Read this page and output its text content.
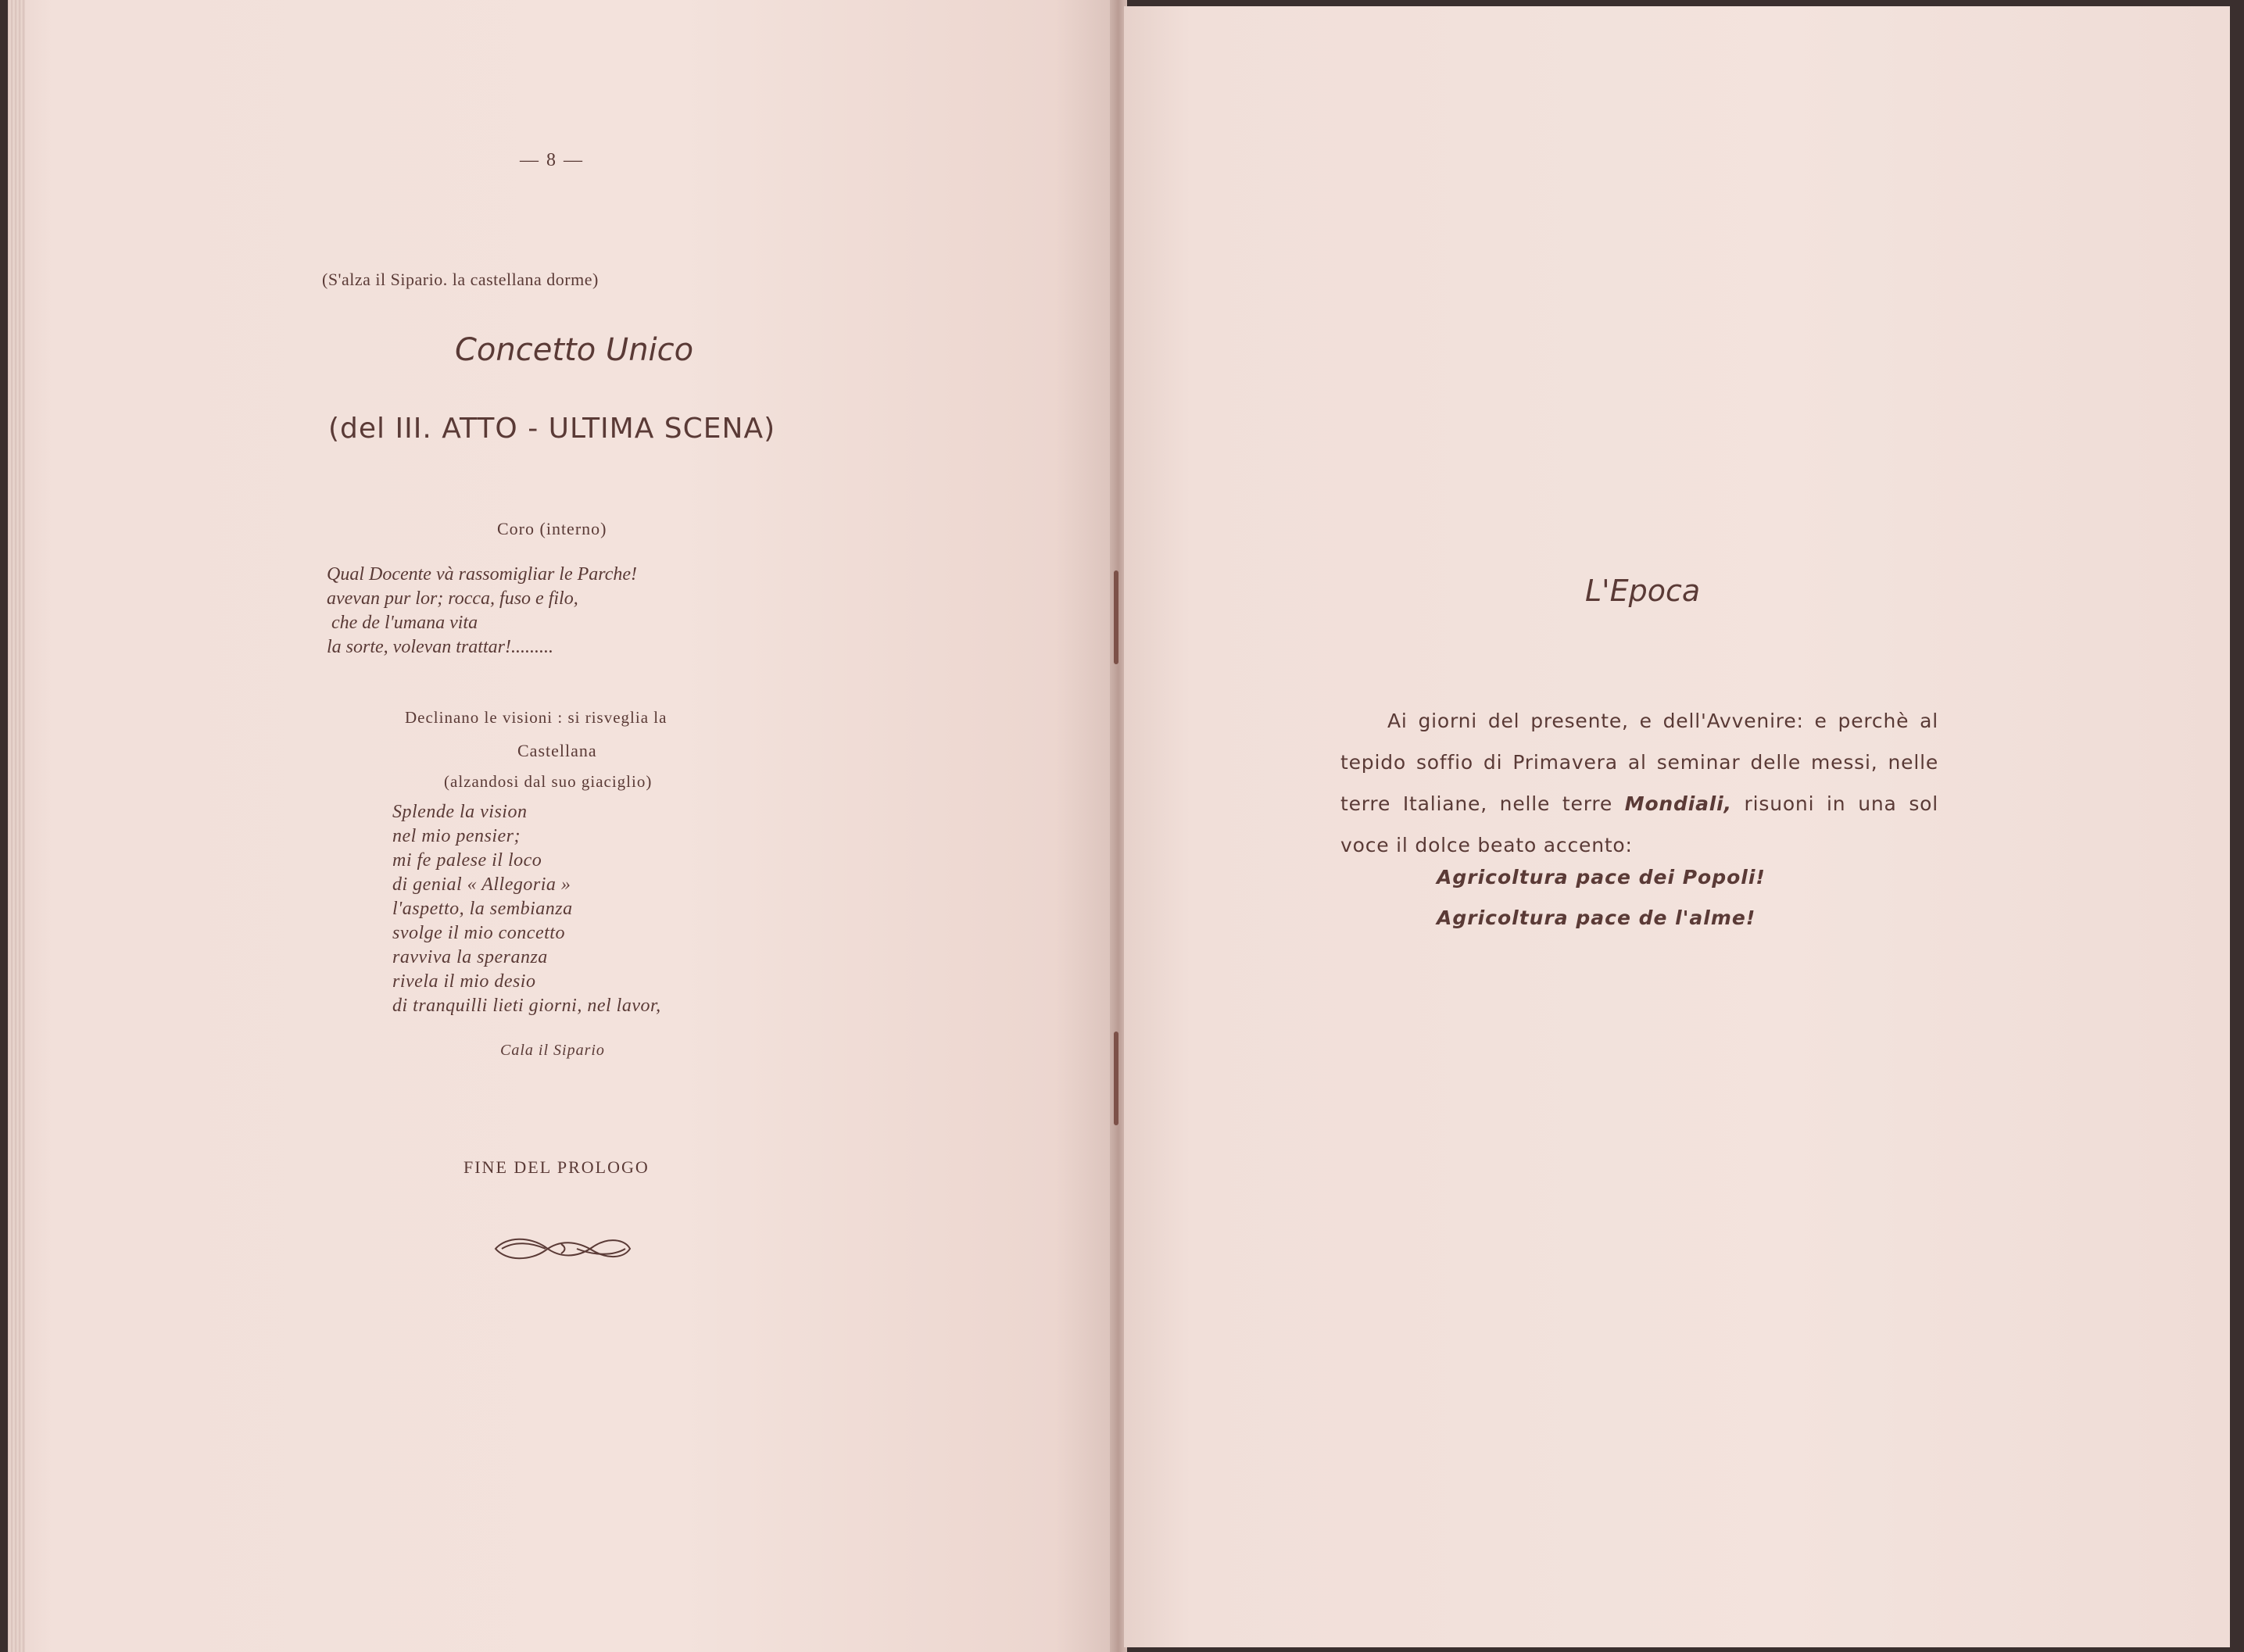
— 8 —
(S'alza il Sipario. la castellana dorme)
Concetto Unico
(del III. ATTO - ULTIMA SCENA)
Coro (interno)
Qual Docente và rassomigliar le Parche!
avevan pur lor; rocca, fuso e filo,
che de l'umana vita
la sorte, volevan trattar!.........
Declinano le visioni : si risveglia la
Castellana
(alzandosi dal suo giaciglio)
Splende la vision
nel mio pensier;
mi fe palese il loco
di genial « Allegoria »
l'aspetto, la sembianza
svolge il mio concetto
ravviva la speranza
rivela il mio desio
di tranquilli lieti giorni, nel lavor,
Cala il Sipario
FINE DEL PROLOGO
L'Epoca

Ai giorni del presente, e dell'Avvenire: e perchè al tepido soffio di Primavera al seminar delle messi, nelle terre Italiane, nelle terre Mondiali, risuoni in una sol voce il dolce beato accento:

Agricoltura pace dei Popoli!
Agricoltura pace de l'alme!
